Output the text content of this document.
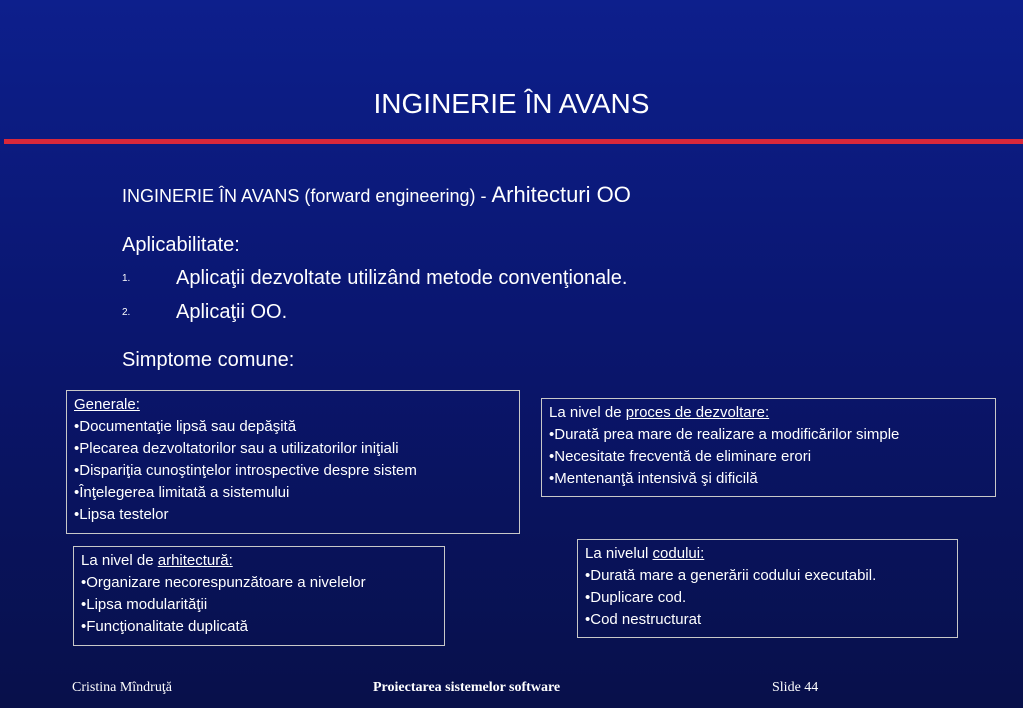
INGINERIE ÎN AVANS
INGINERIE ÎN AVANS (forward engineering) - Arhitecturi OO
Aplicabilitate:
1. Aplicaţii dezvoltate utilizând metode convenţionale.
2. Aplicaţii OO.
Simptome comune:
Generale:
•Documentaţie lipsă sau depăşită
•Plecarea dezvoltatorilor sau a utilizatorilor iniţiali
•Dispariţia cunoştinţelor introspective despre sistem
•Înţelegerea limitată a sistemului
•Lipsa testelor
La nivel de proces de dezvoltare:
•Durată prea mare de realizare a modificărilor simple
•Necesitate frecventă de eliminare erori
•Mentenanţă intensivă şi dificilă
La nivel de arhitectură:
•Organizare necorespunzătoare a nivelelor
•Lipsa modularităţii
•Funcţionalitate duplicată
La nivelul codului:
•Durată mare a generării codului executabil.
•Duplicare cod.
•Cod nestructurat
Cristina Mîndruţă	Proiectarea sistemelor software	Slide 44
